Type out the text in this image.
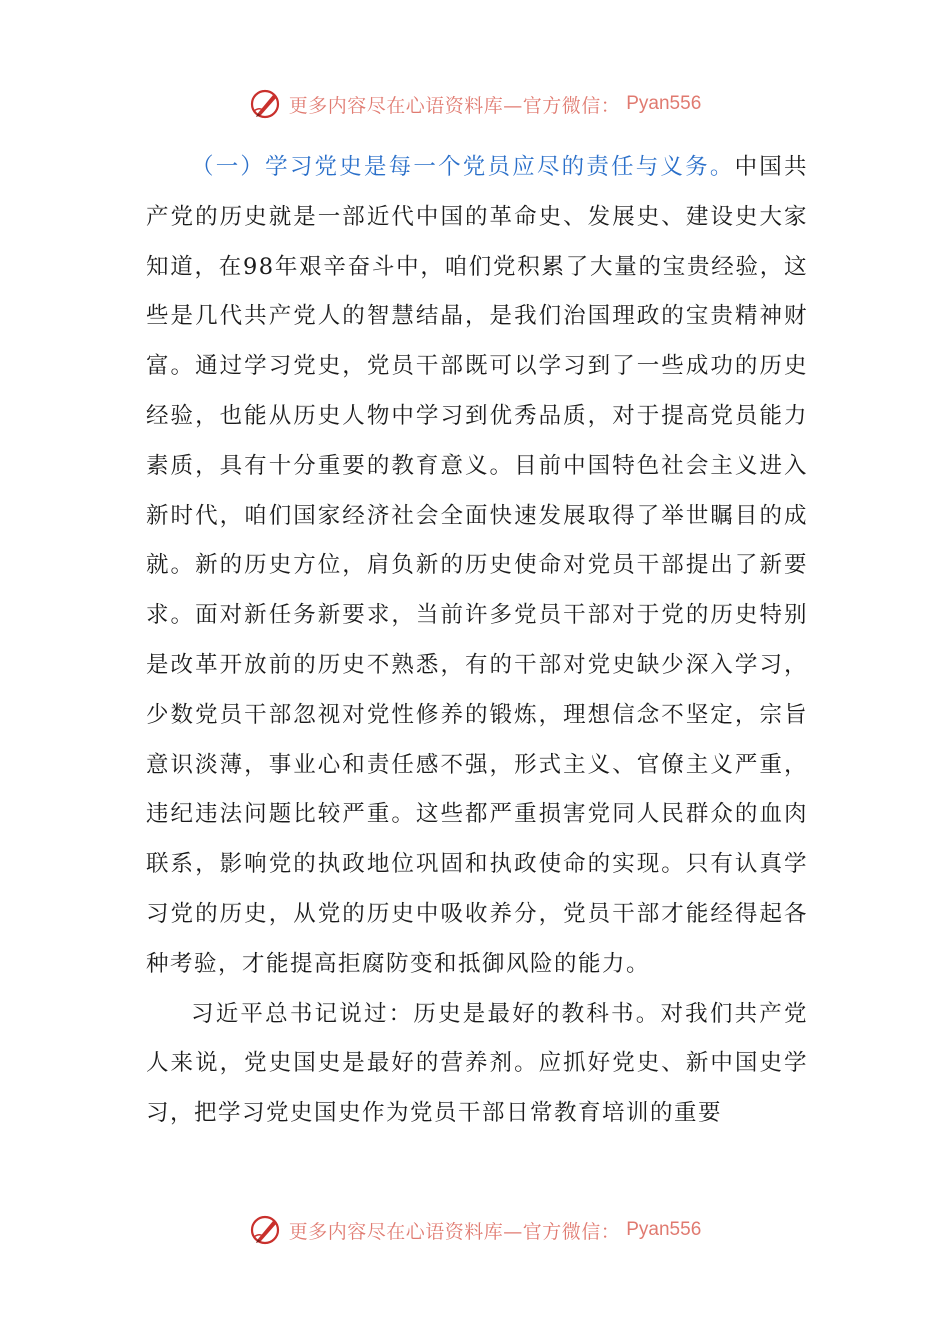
更多内容尽在心语资料库—官方微信： Pyan556

（一）学习党史是每一个党员应尽的责任与义务。中国共产党的历史就是一部近代中国的革命史、发展史、建设史大家知道，在98年艰辛奋斗中，咱们党积累了大量的宝贵经验，这些是几代共产党人的智慧结晶，是我们治国理政的宝贵精神财富。通过学习党史，党员干部既可以学习到了一些成功的历史经验，也能从历史人物中学习到优秀品质，对于提高党员能力素质，具有十分重要的教育意义。目前中国特色社会主义进入新时代，咱们国家经济社会全面快速发展取得了举世瞩目的成就。新的历史方位，肩负新的历史使命对党员干部提出了新要求。面对新任务新要求，当前许多党员干部对于党的历史特别是改革开放前的历史不熟悉，有的干部对党史缺少深入学习，少数党员干部忽视对党性修养的锻炼，理想信念不坚定，宗旨意识淡薄，事业心和责任感不强，形式主义、官僚主义严重，违纪违法问题比较严重。这些都严重损害党同人民群众的血肉联系，影响党的执政地位巩固和执政使命的实现。只有认真学习党的历史，从党的历史中吸收养分，党员干部才能经得起各种考验，才能提高拒腐防变和抵御风险的能力。

习近平总书记说过：历史是最好的教科书。对我们共产党人来说，党史国史是最好的营养剂。应抓好党史、新中国史学习，把学习党史国史作为党员干部日常教育培训的重要

更多内容尽在心语资料库—官方微信： Pyan556
